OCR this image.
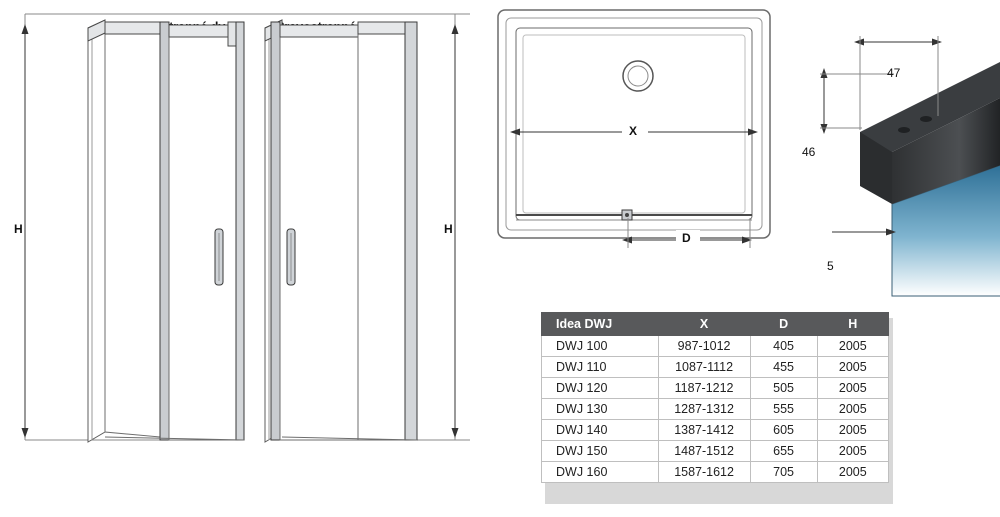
H	H
X
D
47
46
5
Idea DWJ	X	D	H
DWJ 100	987-1012	405	2005
DWJ 110	1087-1112	455	2005
DWJ 120	1187-1212	505	2005
DWJ 130	1287-1312	555	2005
DWJ 140	1387-1412	605	2005
DWJ 150	1487-1512	655	2005
DWJ 160	1587-1612	705	2005
